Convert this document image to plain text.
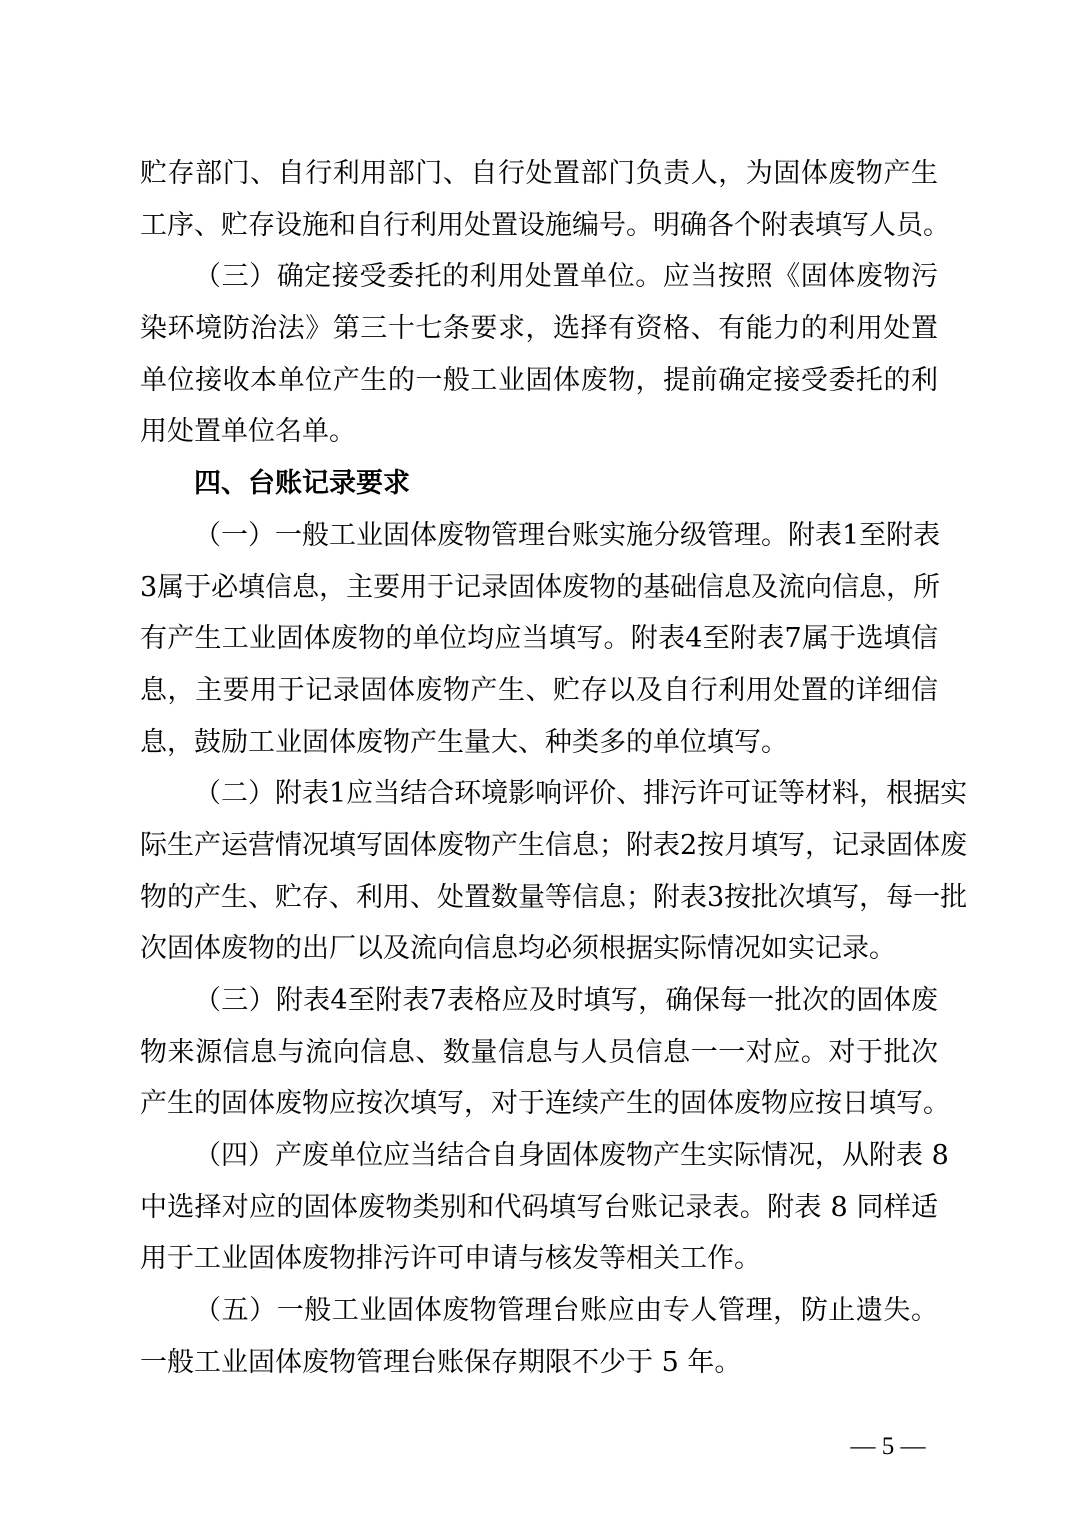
贮存部门、自行利用部门、自行处置部门负责人，为固体废物产生
工序、贮存设施和自行利用处置设施编号。明确各个附表填写人员。
（三）确定接受委托的利用处置单位。应当按照《固体废物污
染环境防治法》第三十七条要求，选择有资格、有能力的利用处置
单位接收本单位产生的一般工业固体废物，提前确定接受委托的利
用处置单位名单。
四、台账记录要求
（一）一般工业固体废物管理台账实施分级管理。附表1至附表
3属于必填信息，主要用于记录固体废物的基础信息及流向信息，所
有产生工业固体废物的单位均应当填写。附表4至附表7属于选填信
息，主要用于记录固体废物产生、贮存以及自行利用处置的详细信
息，鼓励工业固体废物产生量大、种类多的单位填写。
（二）附表1应当结合环境影响评价、排污许可证等材料，根据实
际生产运营情况填写固体废物产生信息；附表2按月填写，记录固体废
物的产生、贮存、利用、处置数量等信息；附表3按批次填写，每一批
次固体废物的出厂以及流向信息均必须根据实际情况如实记录。
（三）附表4至附表7表格应及时填写，确保每一批次的固体废
物来源信息与流向信息、数量信息与人员信息一一对应。对于批次
产生的固体废物应按次填写，对于连续产生的固体废物应按日填写。
（四）产废单位应当结合自身固体废物产生实际情况，从附表 8
中选择对应的固体废物类别和代码填写台账记录表。附表 8 同样适
用于工业固体废物排污许可申请与核发等相关工作。
（五）一般工业固体废物管理台账应由专人管理，防止遗失。
一般工业固体废物管理台账保存期限不少于 5 年。
— 5 —
